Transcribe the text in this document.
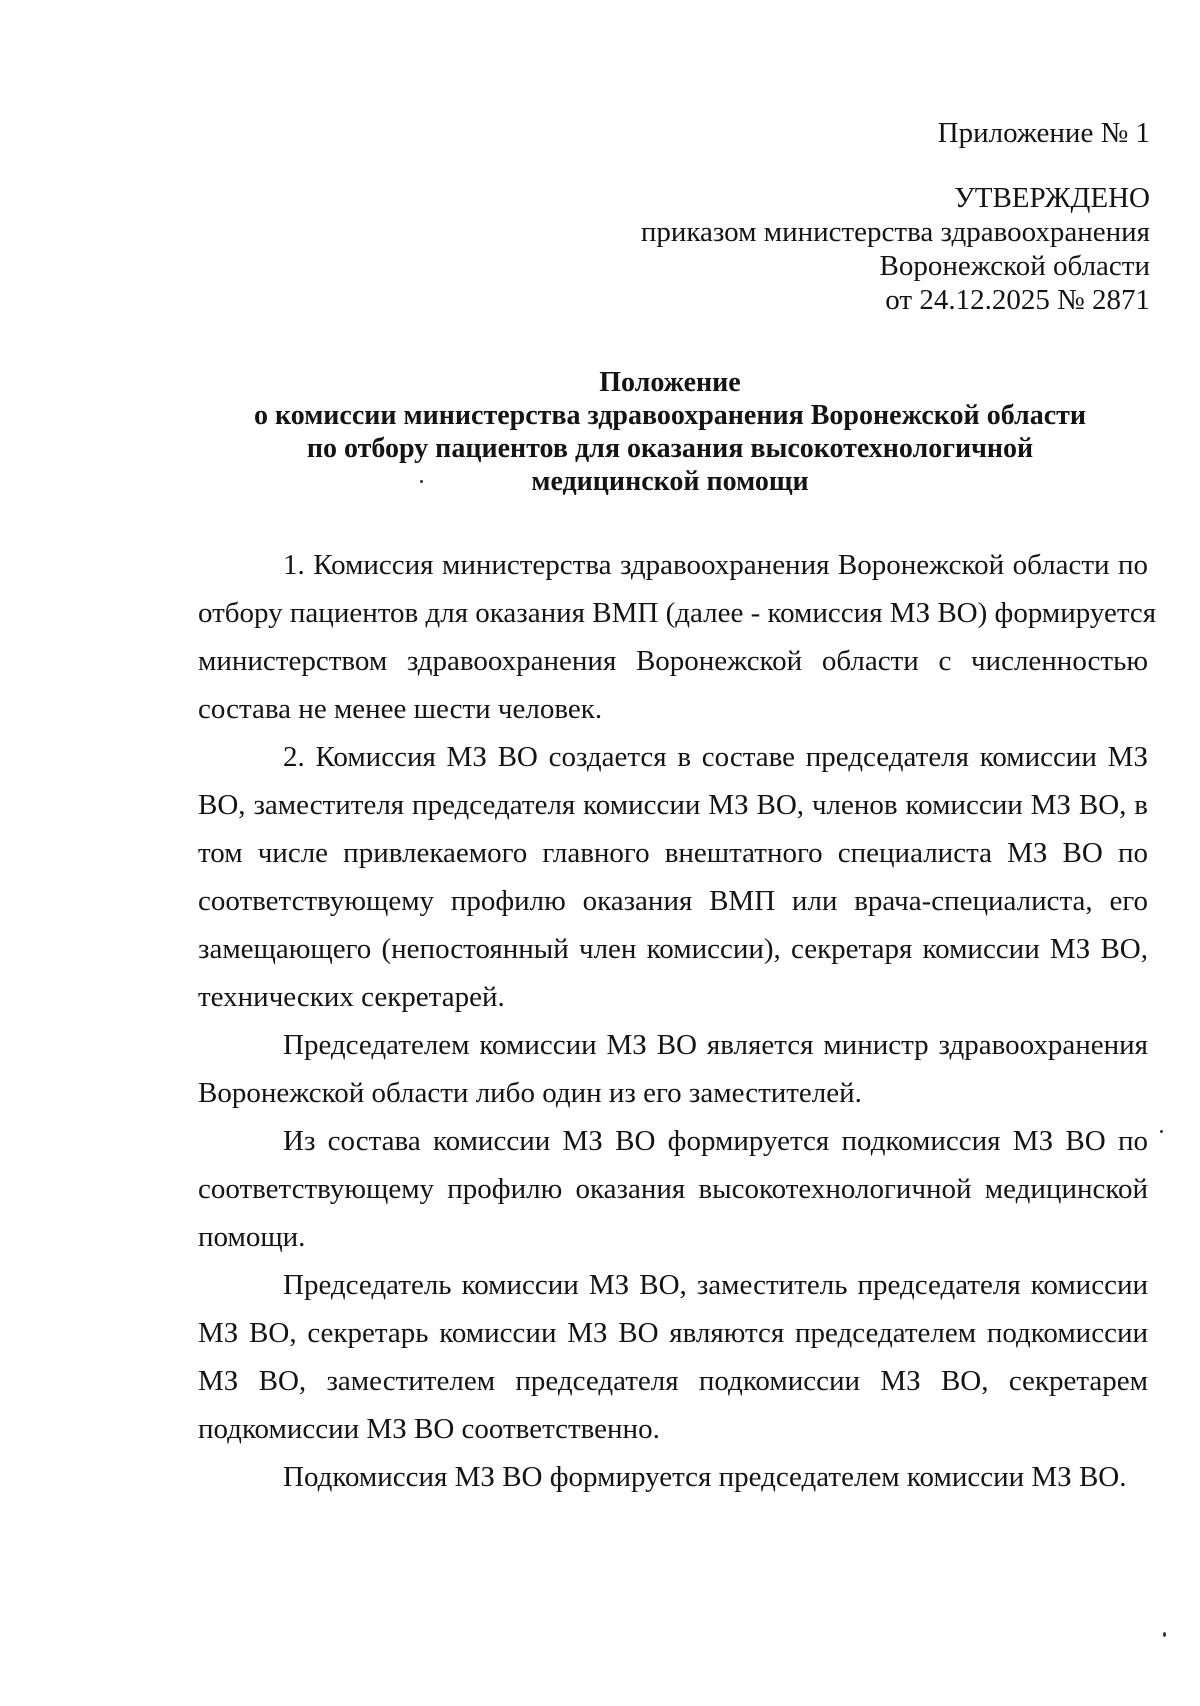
Приложение № 1
УТВЕРЖДЕНО
приказом министерства здравоохранения
Воронежской области
от 24.12.2025 № 2871
Положение
о комиссии министерства здравоохранения Воронежской области
по отбору пациентов для оказания высокотехнологичной
медицинской помощи
1. Комиссия министерства здравоохранения Воронежской области по
отбору пациентов для оказания ВМП (далее - комиссия МЗ ВО) формируется
министерством здравоохранения Воронежской области с численностью
состава не менее шести человек.
2. Комиссия МЗ ВО создается в составе председателя комиссии МЗ
ВО, заместителя председателя комиссии МЗ ВО, членов комиссии МЗ ВО, в
том числе привлекаемого главного внештатного специалиста МЗ ВО по
соответствующему профилю оказания ВМП или врача-специалиста, его
замещающего (непостоянный член комиссии), секретаря комиссии МЗ ВО,
технических секретарей.
Председателем комиссии МЗ ВО является министр здравоохранения
Воронежской области либо один из его заместителей.
Из состава комиссии МЗ ВО формируется подкомиссия МЗ ВО по
соответствующему профилю оказания высокотехнологичной медицинской
помощи.
Председатель комиссии МЗ ВО, заместитель председателя комиссии
МЗ ВО, секретарь комиссии МЗ ВО являются председателем подкомиссии
МЗ ВО, заместителем председателя подкомиссии МЗ ВО, секретарем
подкомиссии МЗ ВО соответственно.
Подкомиссия МЗ ВО формируется председателем комиссии МЗ ВО.
